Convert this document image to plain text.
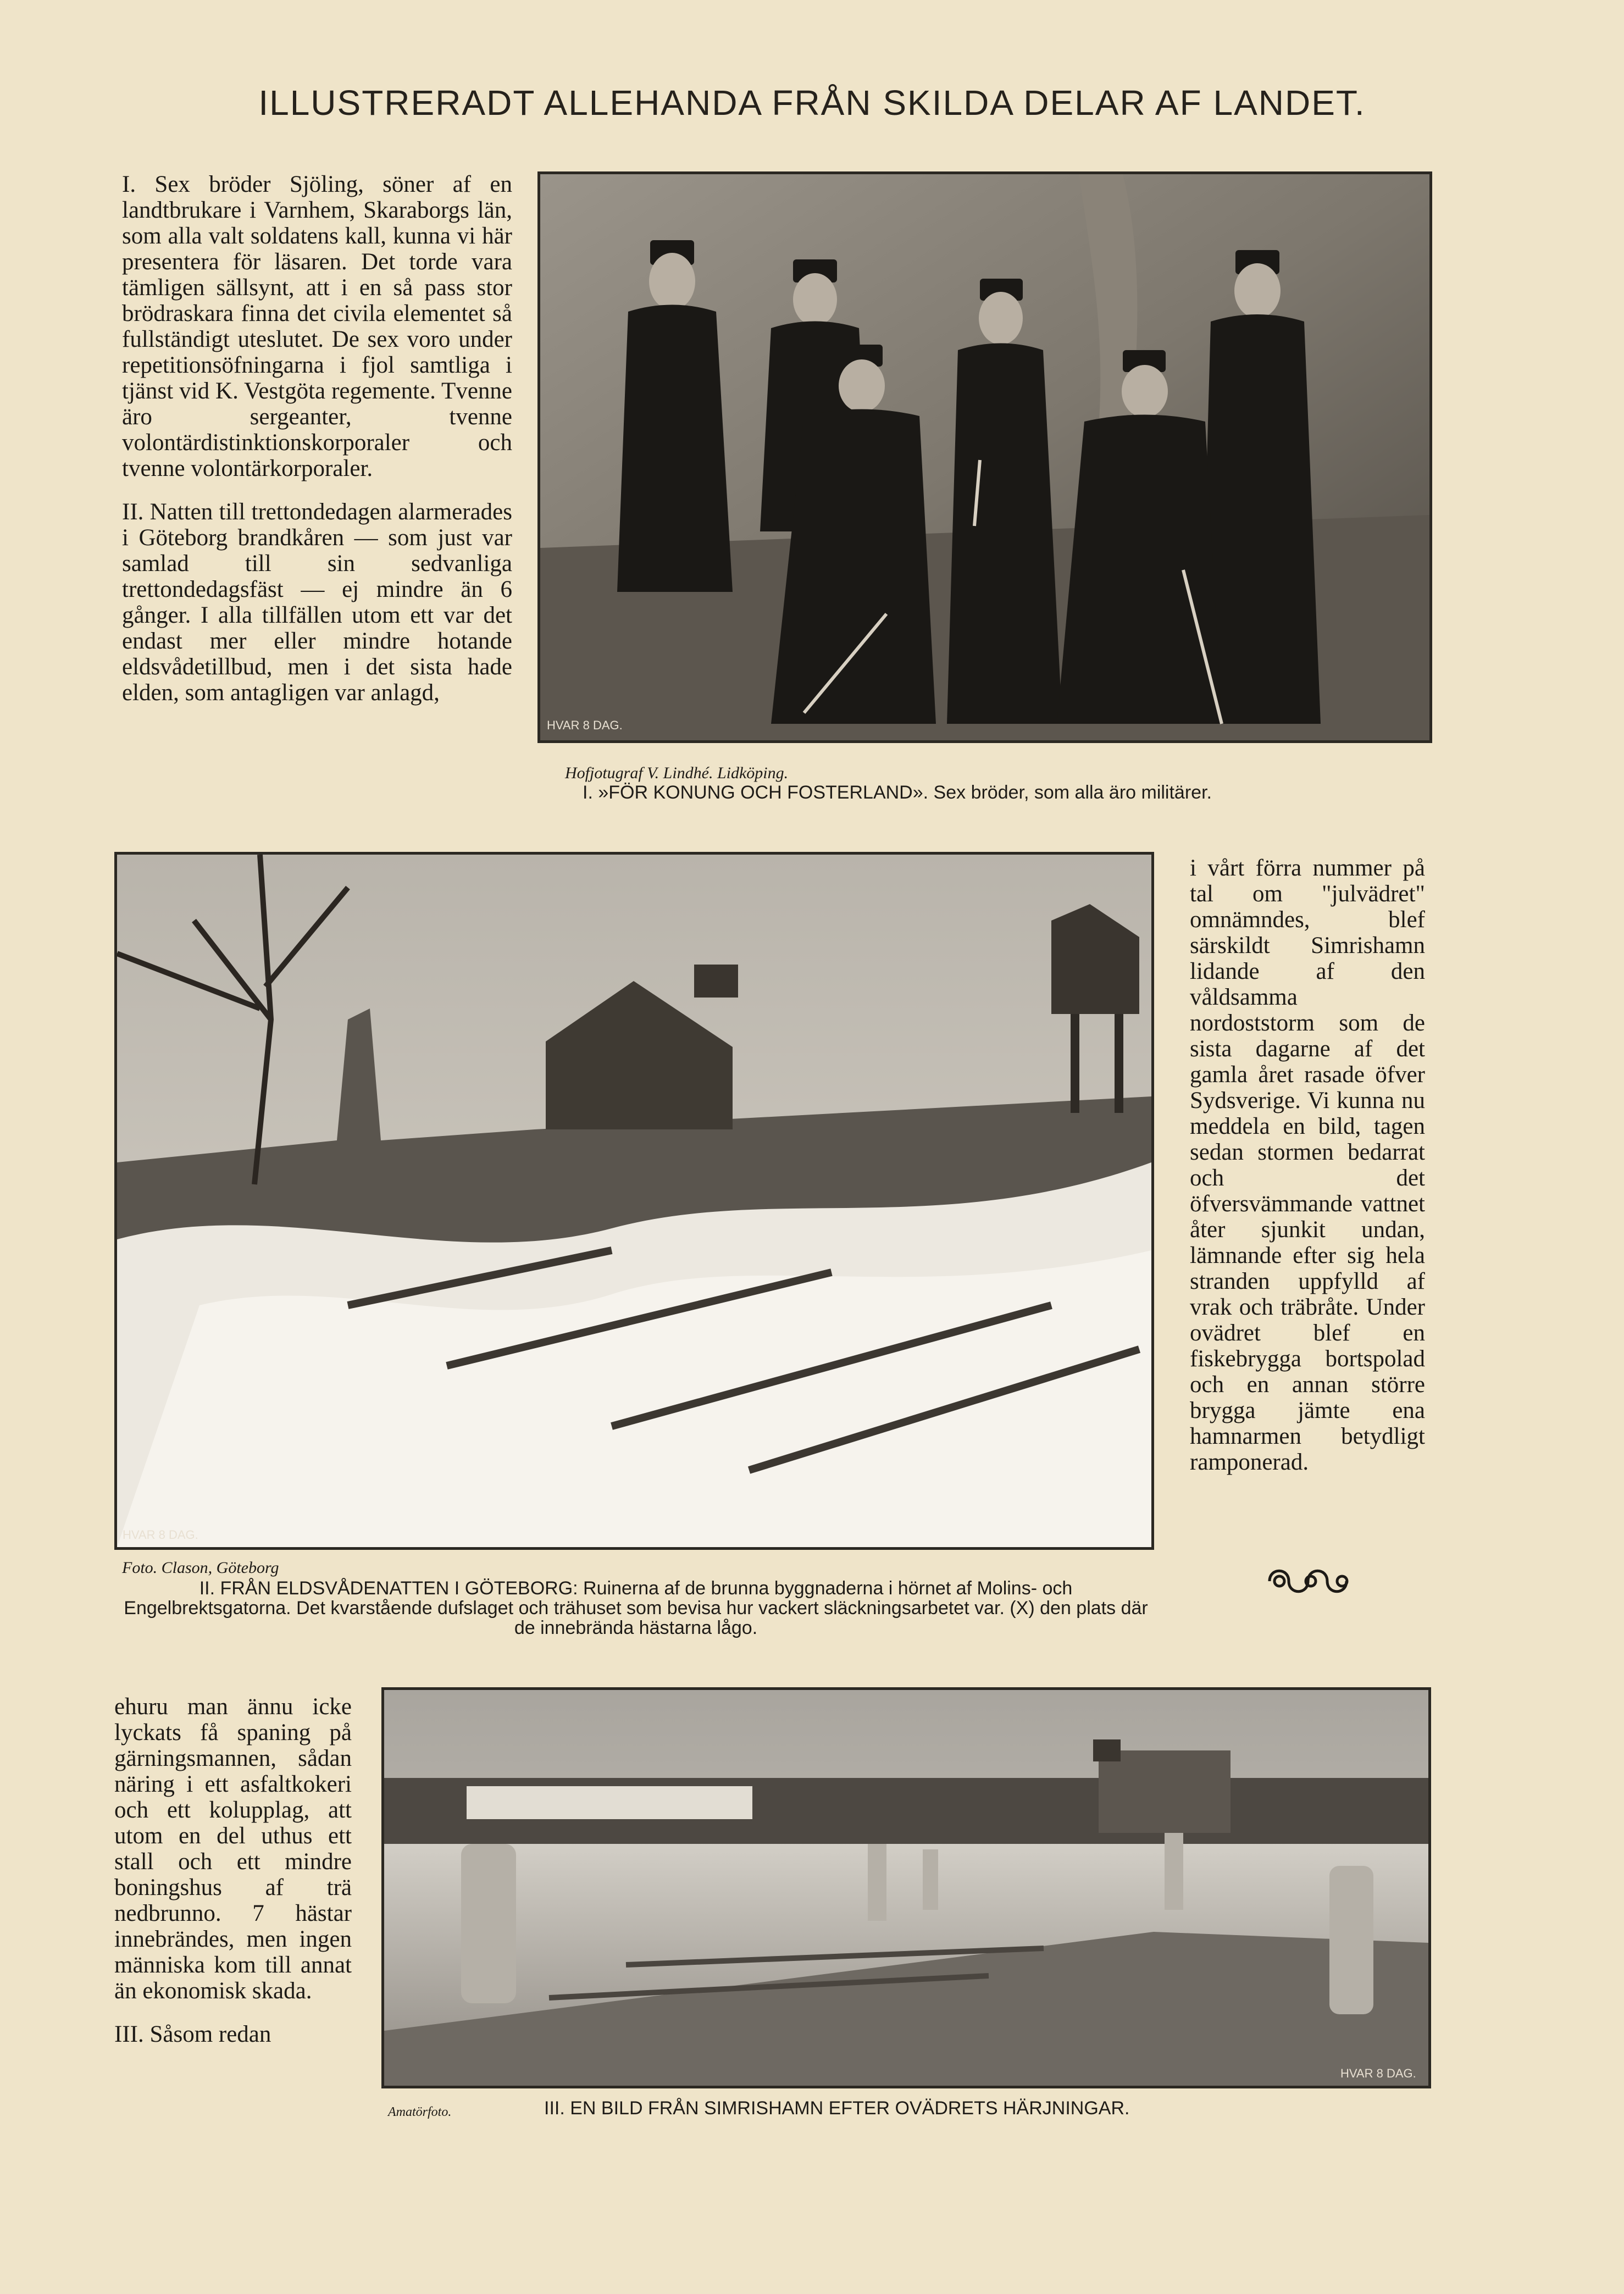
ILLUSTRERADT ALLEHANDA FRÅN SKILDA DELAR AF LANDET.

I. Sex bröder Sjöling, söner af en landtbrukare i Varnhem, Skaraborgs län, som alla valt soldatens kall, kunna vi här presentera för läsaren. Det torde vara tämligen sällsynt, att i en så pass stor brödraskara finna det civila elementet så fullständigt uteslutet. De sex voro under repetitionsöfningarna i fjol samtliga i tjänst vid K. Vestgöta regemente. Tvenne äro sergeanter, tvenne volontärdistinktionskorporaler och tvenne volontärkorporaler.

II. Natten till trettondedagen alarmerades i Göteborg brandkåren — som just var samlad till sin sedvanliga trettondedagsfäst — ej mindre än 6 gånger. I alla tillfällen utom ett var det endast mer eller mindre hotande eldsvådetillbud, men i det sista hade elden, som antagligen var anlagd,

HVAR 8 DAG.
Hofjotugraf V. Lindhé. Lidköping.
I. »FÖR KONUNG OCH FOSTERLAND». Sex bröder, som alla äro militärer.
HVAR 8 DAG.

i vårt förra nummer på tal om "julvädret" omnämndes, blef särskildt Simrishamn lidande af den våldsamma nordoststorm som de sista dagarne af det gamla året rasade öfver Sydsverige. Vi kunna nu meddela en bild, tagen sedan stormen bedarrat och det öfversvämmande vattnet åter sjunkit undan, lämnande efter sig hela stranden uppfylld af vrak och träbråte. Under ovädret blef en fiskebrygga bortspolad och en annan större brygga jämte ena hamnarmen betydligt ramponerad.

Foto. Clason, Göteborg
II. FRÅN ELDSVÅDENATTEN I GÖTEBORG: Ruinerna af de brunna byggnaderna i hörnet af Molins- och Engelbrektsgatorna. Det kvarstående dufslaget och trähuset som bevisa hur vackert släckningsarbetet var. (X) den plats där de innebrända hästarna lågo.

ehuru man ännu icke lyckats få spaning på gärningsmannen, sådan näring i ett asfaltkokeri och ett kolupplag, att utom en del uthus ett stall och ett mindre boningshus af trä nedbrunno. 7 hästar innebrändes, men ingen människa kom till annat än ekonomisk skada.

III. Såsom redan

HVAR 8 DAG.
Amatörfoto.	III. EN BILD FRÅN SIMRISHAMN EFTER OVÄDRETS HÄRJNINGAR.
